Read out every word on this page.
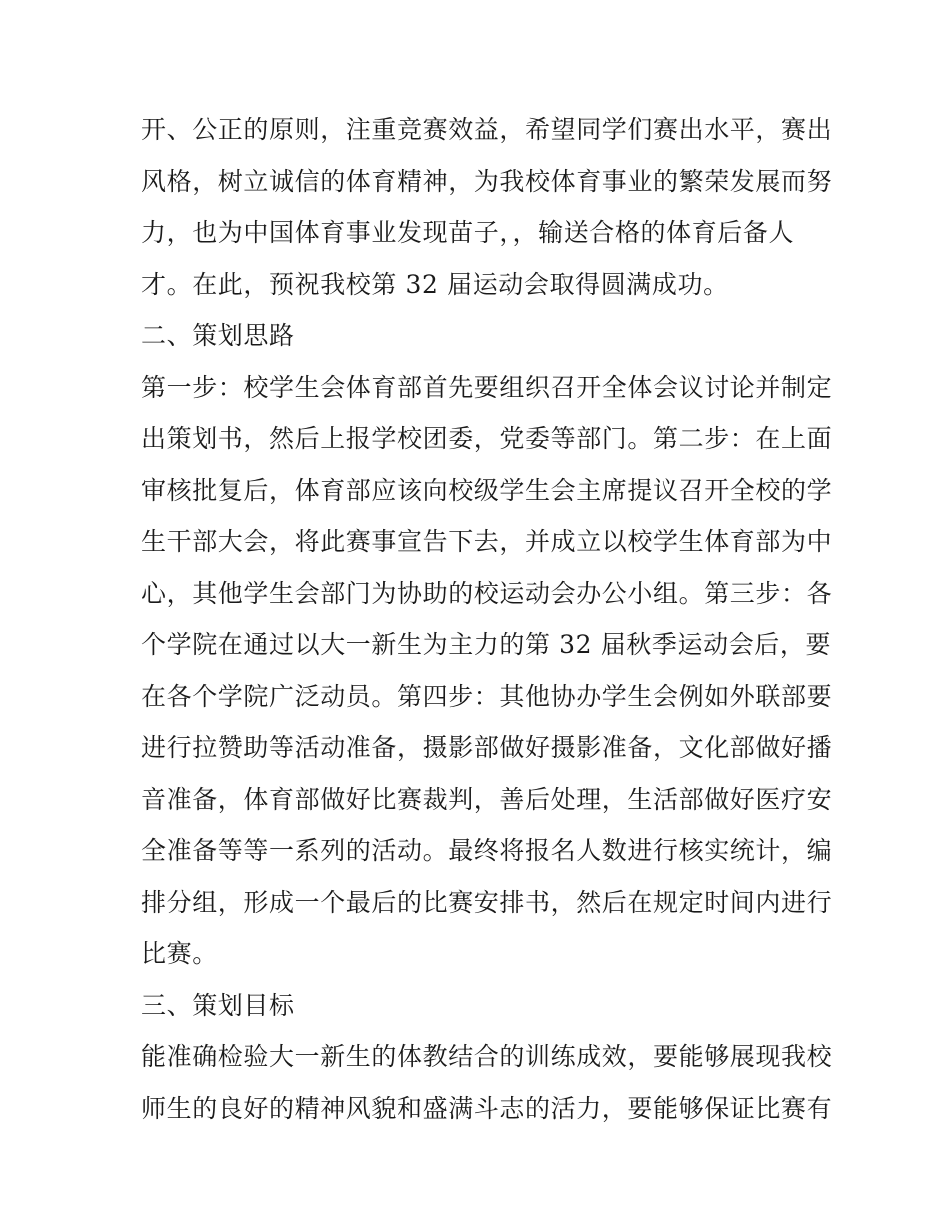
开、公正的原则，注重竞赛效益，希望同学们赛出水平，赛出
风格，树立诚信的体育精神，为我校体育事业的繁荣发展而努
力，也为中国体育事业发现苗子，，输送合格的体育后备人
才。在此，预祝我校第 32 届运动会取得圆满成功。
二、策划思路
第一步：校学生会体育部首先要组织召开全体会议讨论并制定
出策划书，然后上报学校团委，党委等部门。第二步：在上面
审核批复后，体育部应该向校级学生会主席提议召开全校的学
生干部大会，将此赛事宣告下去，并成立以校学生体育部为中
心，其他学生会部门为协助的校运动会办公小组。第三步：各
个学院在通过以大一新生为主力的第 32 届秋季运动会后，要
在各个学院广泛动员。第四步：其他协办学生会例如外联部要
进行拉赞助等活动准备，摄影部做好摄影准备，文化部做好播
音准备，体育部做好比赛裁判，善后处理，生活部做好医疗安
全准备等等一系列的活动。最终将报名人数进行核实统计，编
排分组，形成一个最后的比赛安排书，然后在规定时间内进行
比赛。
三、策划目标
能准确检验大一新生的体教结合的训练成效，要能够展现我校
师生的良好的精神风貌和盛满斗志的活力，要能够保证比赛有
